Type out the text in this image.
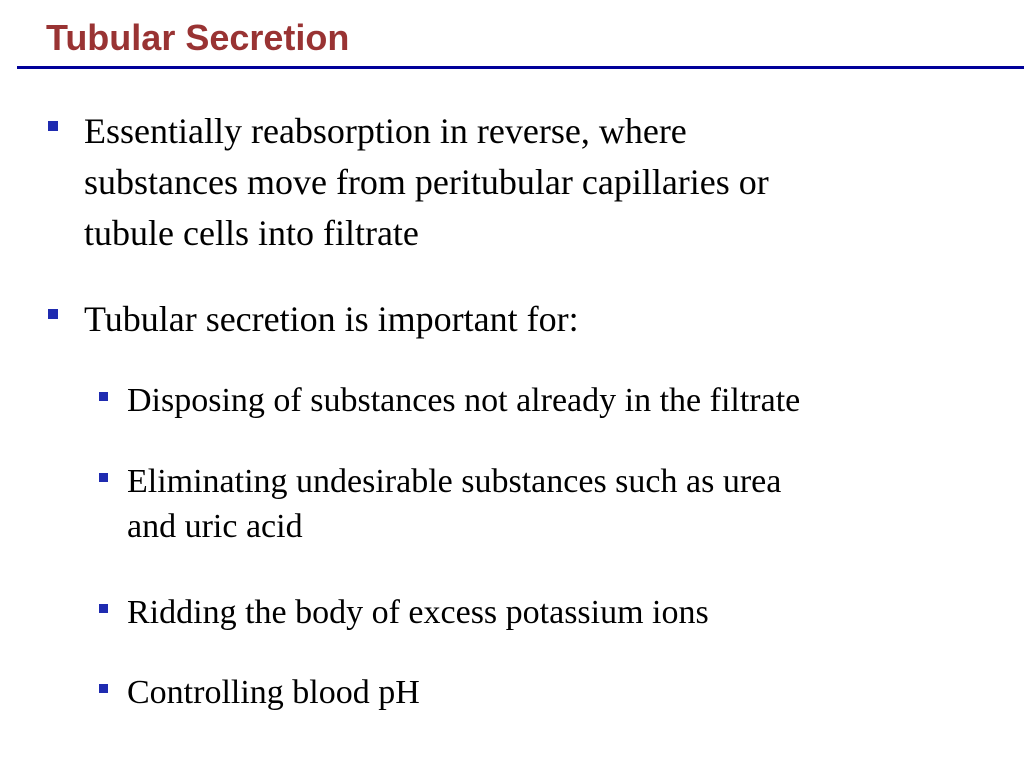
Tubular Secretion

Essentially reabsorption in reverse, where
substances move from peritubular capillaries or
tubule cells into filtrate

Tubular secretion is important for:

Disposing of substances not already in the filtrate

Eliminating undesirable substances such as urea
and uric acid

Ridding the body of excess potassium ions

Controlling blood pH
